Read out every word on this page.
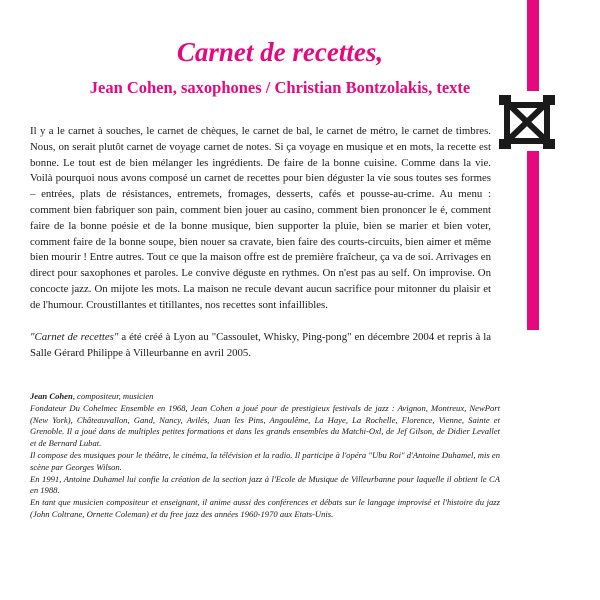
Carnet de recettes,
Jean Cohen, saxophones / Christian Bontzolakis, texte

Il y a le carnet à souches, le carnet de chèques, le carnet de bal, le carnet de métro, le carnet de timbres. Nous, on serait plutôt carnet de voyage carnet de notes. Si ça voyage en musique et en mots, la recette est bonne. Le tout est de bien mélanger les ingrédients. De faire de la bonne cuisine. Comme dans la vie. Voilà pourquoi nous avons composé un carnet de recettes pour bien déguster la vie sous toutes ses formes – entrées, plats de résistances, entremets, fromages, desserts, cafés et pousse-au-crime. Au menu : comment bien fabriquer son pain, comment bien jouer au casino, comment bien prononcer le é, comment faire de la bonne poésie et de la bonne musique, bien supporter la pluie, bien se marier et bien voter, comment faire de la bonne soupe, bien nouer sa cravate, bien faire des courts-circuits, bien aimer et même bien mourir ! Entre autres. Tout ce que la maison offre est de première fraîcheur, ça va de soi. Arrivages en direct pour saxophones et paroles. Le convive déguste en rythmes. On n'est pas au self. On improvise. On concocte jazz. On mijote les mots. La maison ne recule devant aucun sacrifice pour mitonner du plaisir et de l'humour. Croustillantes et titillantes, nos recettes sont infaillibles.

"Carnet de recettes" a été créé à Lyon au "Cassoulet, Whisky, Ping-pong" en décembre 2004 et repris à la Salle Gérard Philippe à Villeurbanne en avril 2005.

Jean Cohen, compositeur, musicien

Fondateur Du Cohelmec Ensemble en 1968, Jean Cohen a joué pour de prestigieux festivals de jazz : Avignon, Montreux, NewPort (New York), Châteauvallon, Gand, Nancy, Avilés, Juan les Pins, Angoulême, La Haye, La Rochelle, Florence, Vienne, Sainte et Grenoble. Il a joué dans de multiples petites formations et dans les grands ensembles du Matchi-Oxl, de Jef Gilson, de Didier Levallet et de Bernard Lubat.

Il compose des musiques pour le théâtre, le cinéma, la télévision et la radio. Il participe à l'opéra "Ubu Roi" d'Antoine Duhamel, mis en scène par Georges Wilson.

En 1991, Antoine Duhamel lui confie la création de la section jazz à l'Ecole de Musique de Villeurbanne pour laquelle il obtient le CA en 1988.

En tant que musicien compositeur et enseignant, il anime aussi des conférences et débats sur le langage improvisé et l'histoire du jazz (John Coltrane, Ornette Coleman) et du free jazz des années 1960-1970 aux Etats-Unis.
